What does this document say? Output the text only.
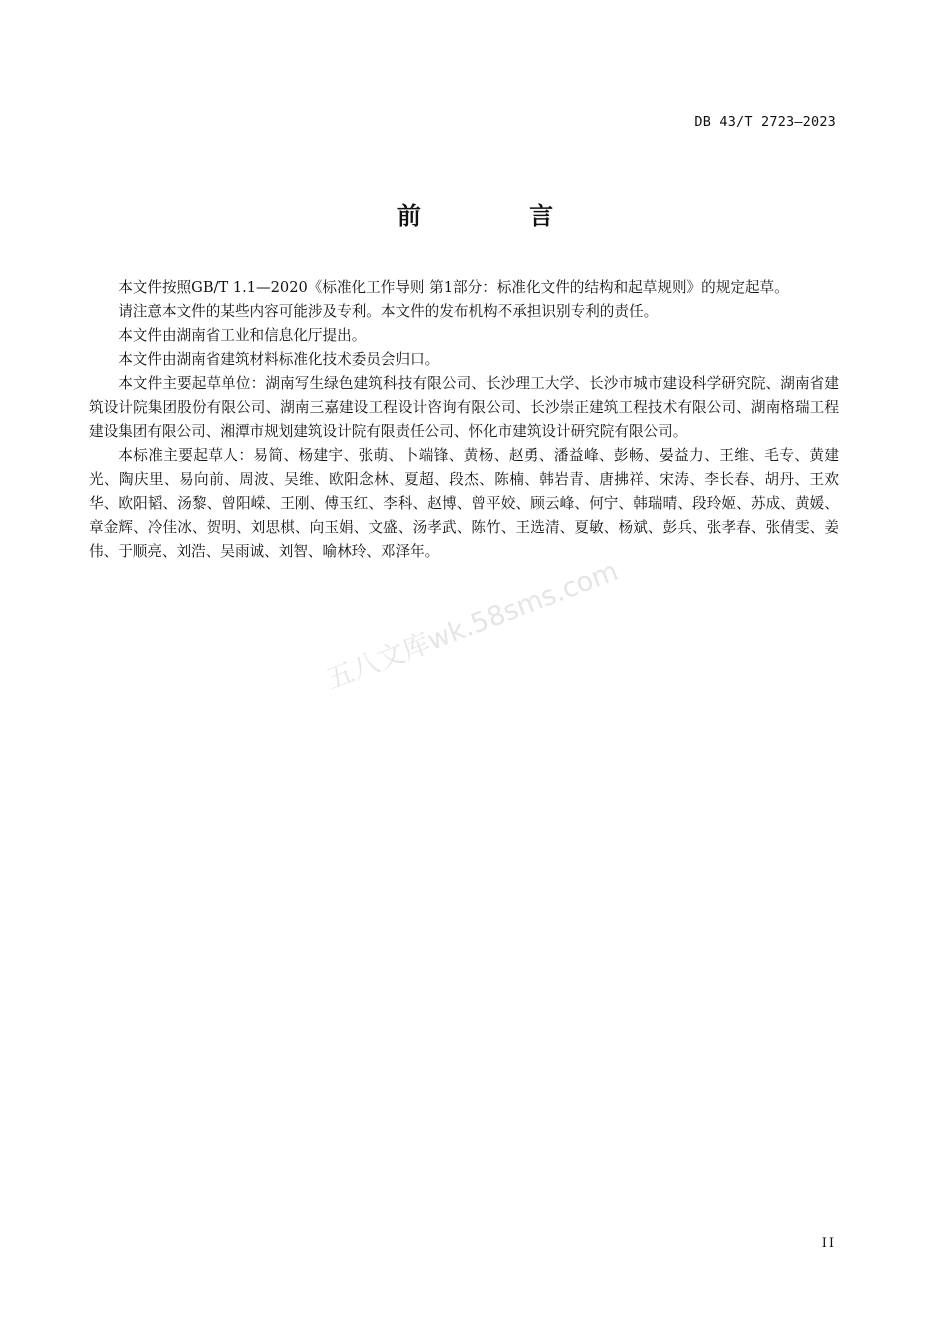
DB 43/T 2723—2023
前 言

本文件按照GB/T 1.1—2020《标准化工作导则 第1部分：标准化文件的结构和起草规则》的规定起草。

请注意本文件的某些内容可能涉及专利。本文件的发布机构不承担识别专利的责任。

本文件由湖南省工业和信息化厅提出。

本文件由湖南省建筑材料标准化技术委员会归口。

本文件主要起草单位：湖南写生绿色建筑科技有限公司、长沙理工大学、长沙市城市建设科学研究院、湖南省建筑设计院集团股份有限公司、湖南三嘉建设工程设计咨询有限公司、长沙崇正建筑工程技术有限公司、湖南格瑞工程建设集团有限公司、湘潭市规划建筑设计院有限责任公司、怀化市建筑设计研究院有限公司。

本标准主要起草人：易简、杨建宇、张萌、卜端锋、黄杨、赵勇、潘益峰、彭畅、晏益力、王维、毛专、黄建光、陶庆里、易向前、周波、吴维、欧阳念林、夏超、段杰、陈楠、韩岩青、唐拂祥、宋涛、李长春、胡丹、王欢华、欧阳韬、汤黎、曾阳嵘、王刚、傅玉红、李科、赵博、曾平姣、顾云峰、何宁、韩瑞晴、段玲姬、苏成、黄媛、章金辉、冷佳冰、贺明、刘思棋、向玉娟、文盛、汤孝武、陈竹、王选清、夏敏、杨斌、彭兵、张孝春、张倩雯、姜伟、于顺亮、刘浩、吴雨诚、刘智、喻林玲、邓泽年。

五八文库wk.58sms.com
II
